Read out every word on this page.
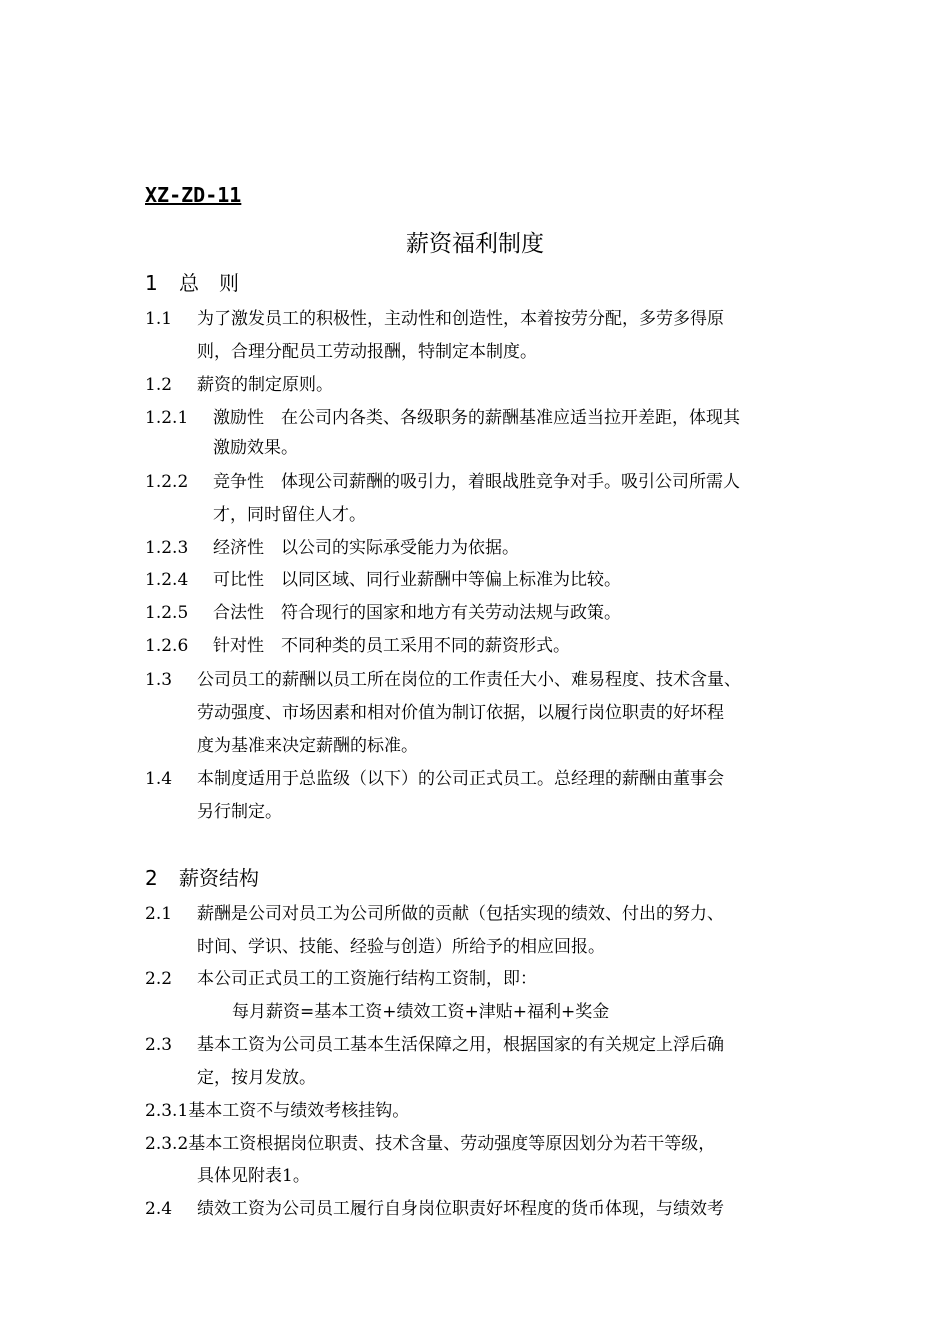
XZ-ZD-11
薪资福利制度
1 总　则
1.1 为了激发员工的积极性，主动性和创造性，本着按劳分配，多劳多得原
则，合理分配员工劳动报酬，特制定本制度。
1.2 薪资的制定原则。
1.2.1 激励性　在公司内各类、各级职务的薪酬基准应适当拉开差距，体现其
激励效果。
1.2.2 竞争性　体现公司薪酬的吸引力，着眼战胜竞争对手。吸引公司所需人
才，同时留住人才。
1.2.3 经济性　以公司的实际承受能力为依据。
1.2.4 可比性　以同区域、同行业薪酬中等偏上标准为比较。
1.2.5 合法性　符合现行的国家和地方有关劳动法规与政策。
1.2.6 针对性　不同种类的员工采用不同的薪资形式。
1.3 公司员工的薪酬以员工所在岗位的工作责任大小、难易程度、技术含量、
劳动强度、市场因素和相对价值为制订依据，以履行岗位职责的好坏程
度为基准来决定薪酬的标准。
1.4 本制度适用于总监级（以下）的公司正式员工。总经理的薪酬由董事会
另行制定。
2 薪资结构
2.1 薪酬是公司对员工为公司所做的贡献（包括实现的绩效、付出的努力、
时间、学识、技能、经验与创造）所给予的相应回报。
2.2 本公司正式员工的工资施行结构工资制，即：
每月薪资=基本工资+绩效工资+津贴+福利+奖金
2.3 基本工资为公司员工基本生活保障之用，根据国家的有关规定上浮后确
定，按月发放。
2.3.1基本工资不与绩效考核挂钩。
2.3.2基本工资根据岗位职责、技术含量、劳动强度等原因划分为若干等级，
具体见附表1。
2.4 绩效工资为公司员工履行自身岗位职责好坏程度的货币体现，与绩效考
